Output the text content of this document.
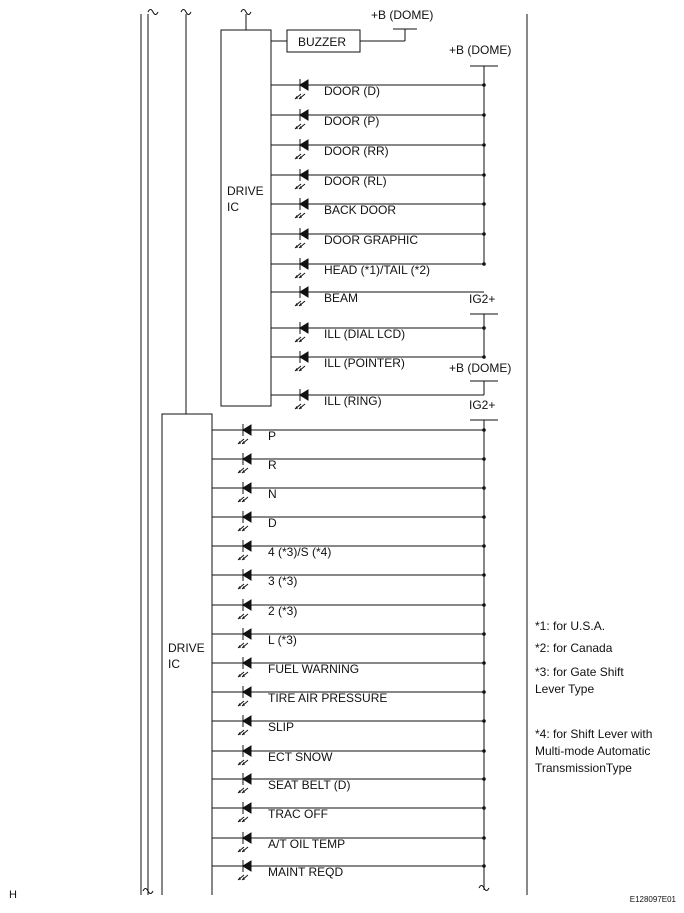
DRIVE
IC
BUZZER
+B (DOME)
DOOR (D)
DOOR (P)
DOOR (RR)
DOOR (RL)
BACK DOOR
DOOR GRAPHIC
HEAD (*1)/TAIL (*2)
BEAM
ILL (DIAL LCD)
ILL (POINTER)
ILL (RING)
+B (DOME)
IG2+
+B (DOME)
DRIVE
IC
P
R
N
D
4 (*3)/S (*4)
3 (*3)
2 (*3)
L (*3)
FUEL WARNING
TIRE AIR PRESSURE
SLIP
ECT SNOW
SEAT BELT (D)
TRAC OFF
A/T OIL TEMP
MAINT REQD
IG2+
*1: for U.S.A.
*2: for Canada
*3: for Gate Shift
Lever Type
*4: for Shift Lever with
Multi-mode Automatic
TransmissionType
H	E128097E01
